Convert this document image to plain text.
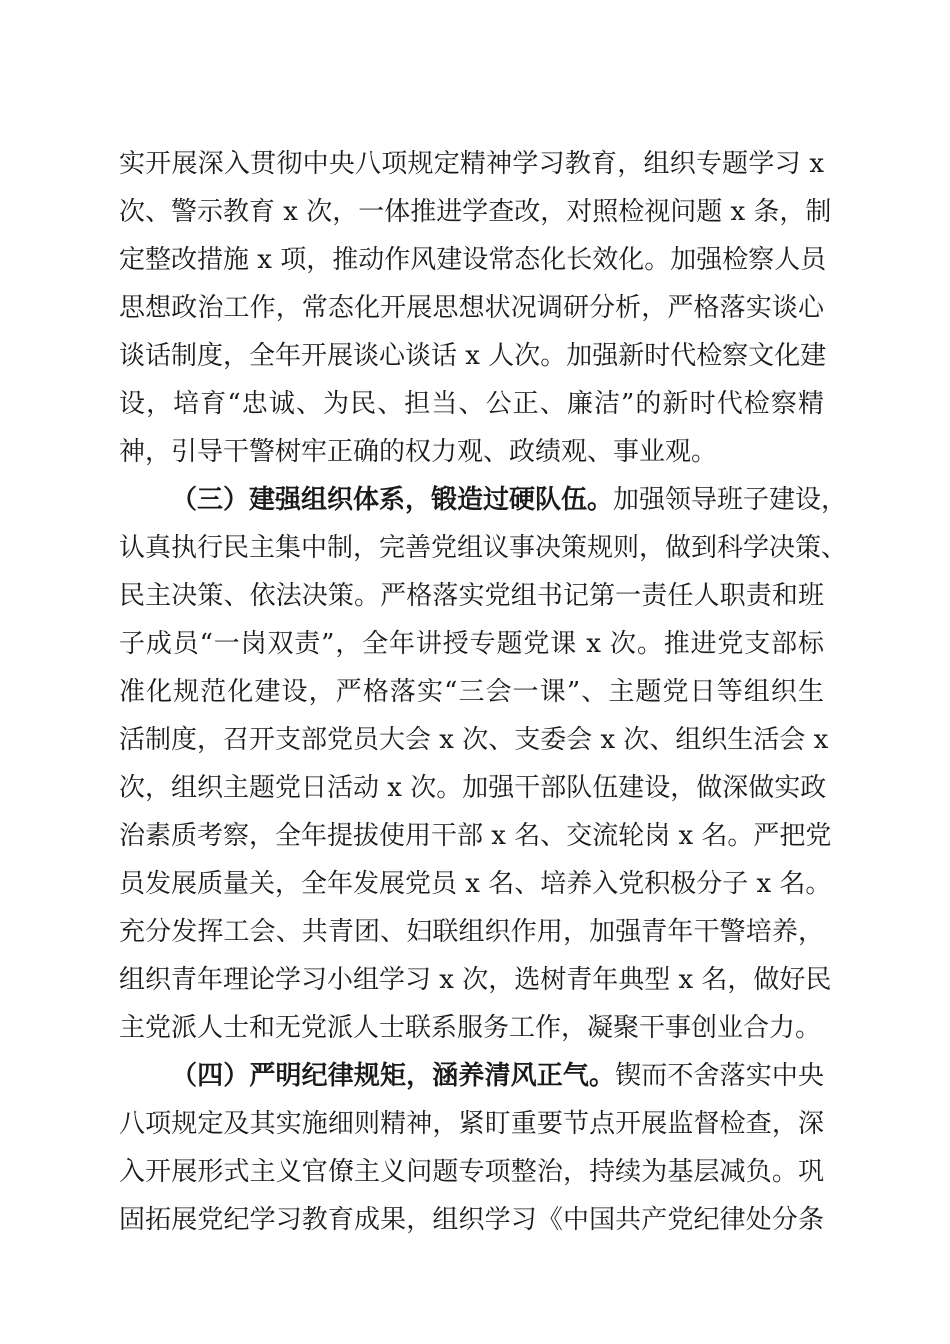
实开展深入贯彻中央八项规定精神学习教育，组织专题学习 x
次、警示教育 x 次，一体推进学查改，对照检视问题 x 条，制
定整改措施 x 项，推动作风建设常态化长效化。加强检察人员
思想政治工作，常态化开展思想状况调研分析，严格落实谈心
谈话制度，全年开展谈心谈话 x 人次。加强新时代检察文化建
设，培育“忠诚、为民、担当、公正、廉洁”的新时代检察精
神，引导干警树牢正确的权力观、政绩观、事业观。
（三）建强组织体系，锻造过硬队伍。加强领导班子建设，
认真执行民主集中制，完善党组议事决策规则，做到科学决策、
民主决策、依法决策。严格落实党组书记第一责任人职责和班
子成员“一岗双责”，全年讲授专题党课 x 次。推进党支部标
准化规范化建设，严格落实“三会一课”、主题党日等组织生
活制度，召开支部党员大会 x 次、支委会 x 次、组织生活会 x
次，组织主题党日活动 x 次。加强干部队伍建设，做深做实政
治素质考察，全年提拔使用干部 x 名、交流轮岗 x 名。严把党
员发展质量关，全年发展党员 x 名、培养入党积极分子 x 名。
充分发挥工会、共青团、妇联组织作用，加强青年干警培养，
组织青年理论学习小组学习 x 次，选树青年典型 x 名，做好民
主党派人士和无党派人士联系服务工作，凝聚干事创业合力。
（四）严明纪律规矩，涵养清风正气。锲而不舍落实中央
八项规定及其实施细则精神，紧盯重要节点开展监督检查，深
入开展形式主义官僚主义问题专项整治，持续为基层减负。巩
固拓展党纪学习教育成果，组织学习《中国共产党纪律处分条
